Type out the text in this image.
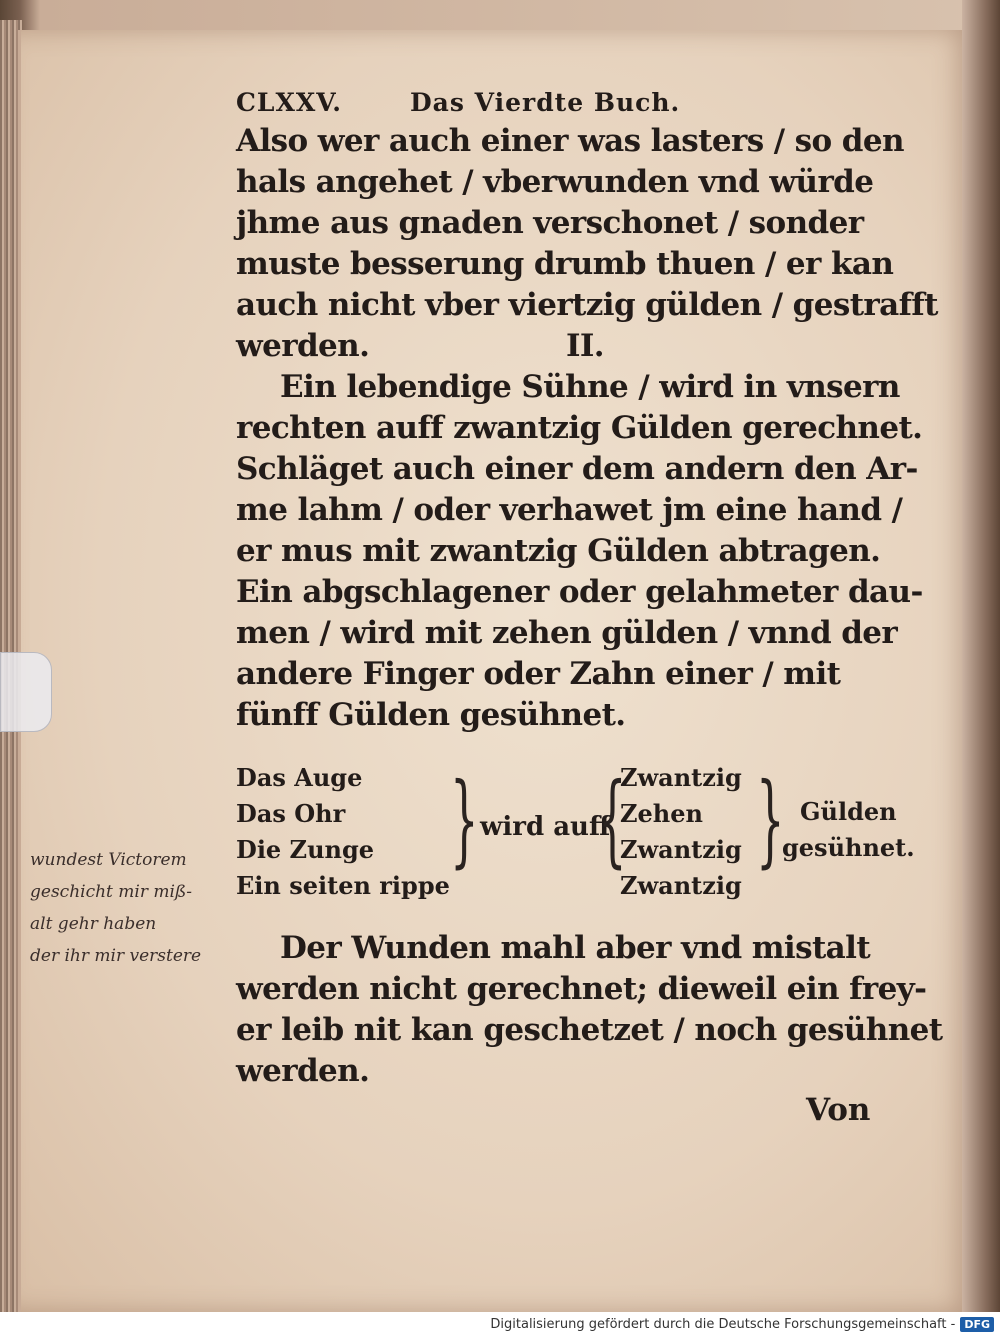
CLXXV.	Das Vierdte Buch.
Also wer auch einer was lasters / so den
hals angehet / vberwunden vnd würde
jhme aus gnaden verschonet / sonder
muste besserung drumb thuen / er kan
auch nicht vber viertzig gülden / gestrafft
werden.	II.
Ein lebendige Sühne / wird in vnsern
rechten auff zwantzig Gülden gerechnet.
Schläget auch einer dem andern den Ar-
me lahm / oder verhawet jm eine hand /
er mus mit zwantzig Gülden abtragen.
Ein abgschlagener oder gelahmeter dau-
men / wird mit zehen gülden / vnnd der
andere Finger oder Zahn einer / mit
fünff Gülden gesühnet.
Das Auge
Das Ohr
Die Zunge
Ein seiten rippe
} wird auff
{
Zwantzig
Zehen
Zwantzig
Zwantzig
} Gülden
gesühnet.
Der Wunden mahl aber vnd mistalt
werden nicht gerechnet; dieweil ein frey-
er leib nit kan geschetzet / noch gesühnet
werden.
Von
wundest Victorem
geschicht mir miß-
alt gehr haben
der ihr mir verstere
Digitalisierung gefördert durch die Deutsche Forschungsgemeinschaft - DFG
